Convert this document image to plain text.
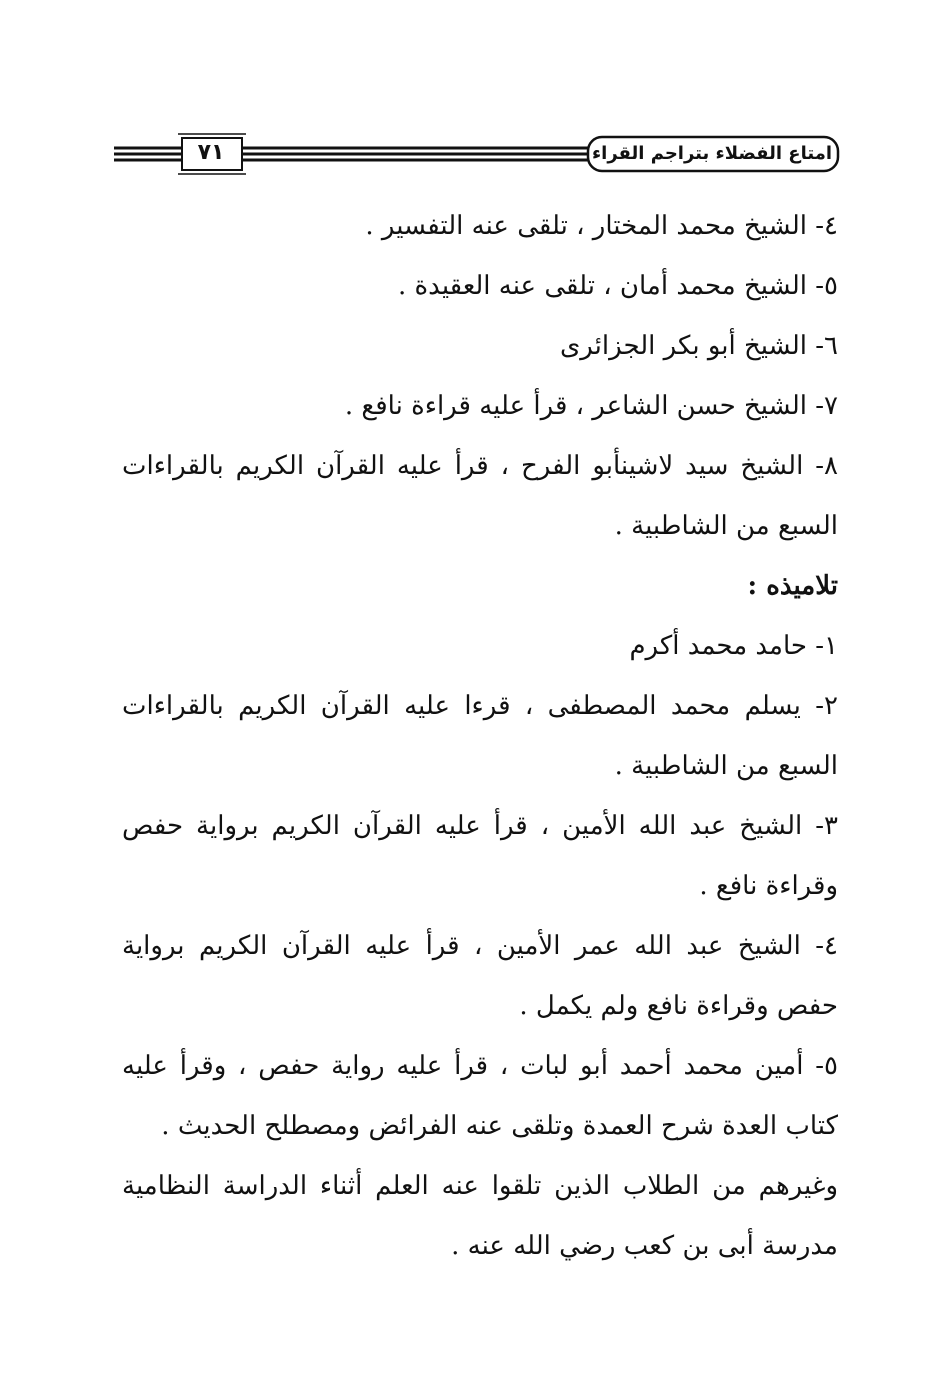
امتاع الفضلاء بتراجم القراء
٧١
٤- الشيخ محمد المختار ، تلقى عنه التفسير .
٥- الشيخ محمد أمان ، تلقى عنه العقيدة .
٦- الشيخ أبو بكر الجزائرى
٧- الشيخ حسن الشاعر ، قرأ عليه قراءة نافع .
٨- الشيخ سيد لاشينأبو الفرح ، قرأ عليه القرآن الكريم بالقراءات
السبع من الشاطبية .
تلاميذه :
١- حامد محمد أكرم
٢- يسلم محمد المصطفى ، قرءا عليه القرآن الكريم بالقراءات
السبع من الشاطبية .
٣- الشيخ عبد الله الأمين ، قرأ عليه القرآن الكريم برواية حفص
وقراءة نافع .
٤- الشيخ عبد الله عمر الأمين ، قرأ عليه القرآن الكريم برواية
حفص وقراءة نافع ولم يكمل .
٥- أمين محمد أحمد أبو لبات ، قرأ عليه رواية حفص ، وقرأ عليه
كتاب العدة شرح العمدة وتلقى عنه الفرائض ومصطلح الحديث .
وغيرهم من الطلاب الذين تلقوا عنه العلم أثناء الدراسة النظامية
مدرسة أبى بن كعب رضي الله عنه .
